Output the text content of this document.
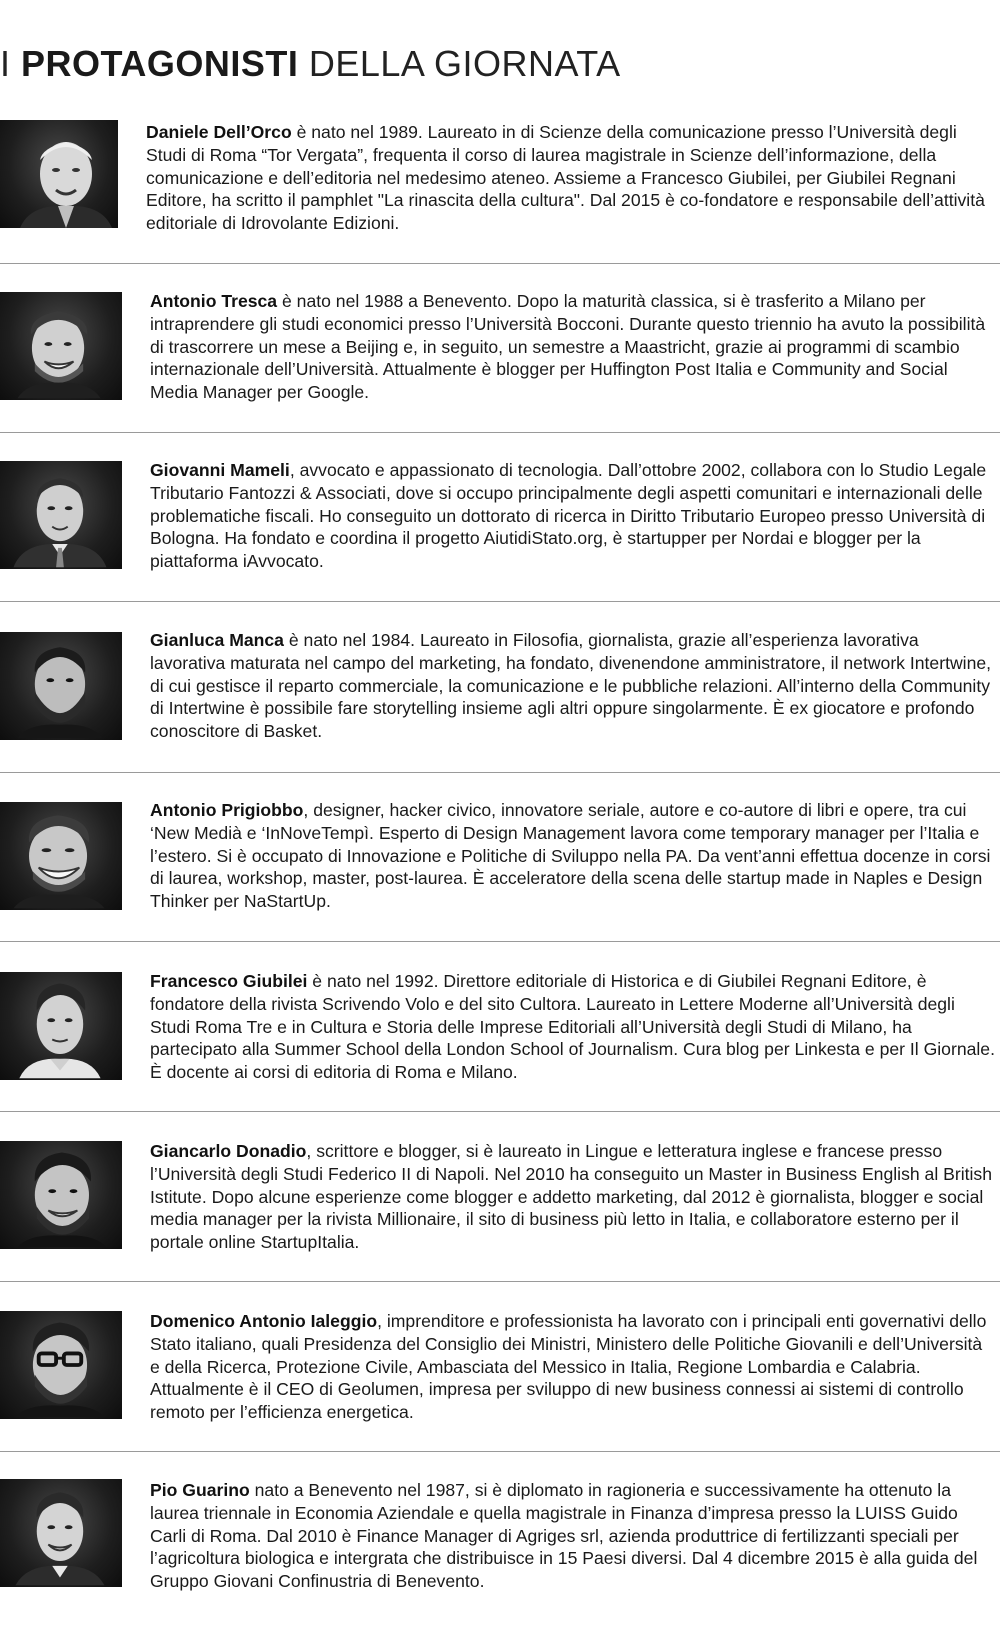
I PROTAGONISTI DELLA GIORNATA

Daniele Dell’Orco è nato nel 1989. Laureato in di Scienze della comunicazione presso l’Università degli Studi di Roma “Tor Vergata”, frequenta il corso di laurea magistrale in Scienze dell’informazione, della comunicazione e dell’editoria nel medesimo ateneo. Assieme a Francesco Giubilei, per Giubilei Regnani Editore, ha scritto il pamphlet "La rinascita della cultura". Dal 2015 è co-fondatore e responsabile dell’attività editoriale di Idrovolante Edizioni.

Antonio Tresca è nato nel 1988 a Benevento. Dopo la maturità classica, si è trasferito a Milano per intraprendere gli studi economici presso l’Università Bocconi. Durante questo triennio ha avuto la possibilità di trascorrere un mese a Beijing e, in seguito, un semestre a Maastricht, grazie ai programmi di scambio internazionale dell’Università. Attualmente è blogger per Huffington Post Italia e Community and Social Media Manager per Google.

Giovanni Mameli, avvocato e appassionato di tecnologia. Dall’ottobre 2002, collabora con lo Studio Legale Tributario Fantozzi & Associati, dove si occupo principalmente degli aspetti comunitari e internazionali delle problematiche fiscali. Ho conseguito un dottorato di ricerca in Diritto Tributario Europeo presso Università di Bologna. Ha fondato e coordina il progetto AiutidiStato.org, è startupper per Nordai e blogger per la piattaforma iAvvocato.

Gianluca Manca è nato nel 1984. Laureato in Filosofia, giornalista, grazie all’esperienza lavorativa lavorativa maturata nel campo del marketing, ha fondato, divenendone amministratore, il network Intertwine, di cui gestisce il reparto commerciale, la comunicazione e le pubbliche relazioni. All’interno della Community di Intertwine è possibile fare storytelling insieme agli altri oppure singolarmente. È ex giocatore e profondo conoscitore di Basket.

Antonio Prigiobbo, designer, hacker civico, innovatore seriale, autore e co-autore di libri e opere, tra cui ‘New Medià e ‘InNoveTempì. Esperto di Design Management lavora come temporary manager per l’Italia e l’estero. Si è occupato di Innovazione e Politiche di Sviluppo nella PA. Da vent’anni effettua docenze in corsi di laurea, workshop, master, post-laurea. È acceleratore della scena delle startup made in Naples e Design Thinker per NaStartUp.

Francesco Giubilei è nato nel 1992. Direttore editoriale di Historica e di Giubilei Regnani Editore, è fondatore della rivista Scrivendo Volo e del sito Cultora. Laureato in Lettere Moderne all’Università degli Studi Roma Tre e in Cultura e Storia delle Imprese Editoriali all’Università degli Studi di Milano, ha partecipato alla Summer School della London School of Journalism. Cura blog per Linkesta e per Il Giornale. È docente ai corsi di editoria di Roma e Milano.

Giancarlo Donadio, scrittore e blogger, si è laureato in Lingue e letteratura inglese e francese presso l’Università degli Studi Federico II di Napoli. Nel 2010 ha conseguito un Master in Business English al British Istitute. Dopo alcune esperienze come blogger e addetto marketing, dal 2012 è giornalista, blogger e social media manager per la rivista Millionaire, il sito di business più letto in Italia, e collaboratore esterno per il portale online StartupItalia.

Domenico Antonio Ialeggio, imprenditore e professionista ha lavorato con i principali enti governativi dello Stato italiano, quali Presidenza del Consiglio dei Ministri, Ministero delle Politiche Giovanili e dell’Università e della Ricerca, Protezione Civile, Ambasciata del Messico in Italia, Regione Lombardia e Calabria. Attualmente è il CEO di Geolumen, impresa per sviluppo di new business connessi ai sistemi di controllo remoto per l’efficienza energetica.

Pio Guarino nato a Benevento nel 1987, si è diplomato in ragioneria e successivamente ha ottenuto la laurea triennale in Economia Aziendale e quella magistrale in Finanza d’impresa presso la LUISS Guido Carli di Roma. Dal 2010 è Finance Manager di Agriges srl, azienda produttrice di fertilizzanti speciali per l’agricoltura biologica e intergrata che distribuisce in 15 Paesi diversi. Dal 4 dicembre 2015 è alla guida del Gruppo Giovani Confinustria di Benevento.
